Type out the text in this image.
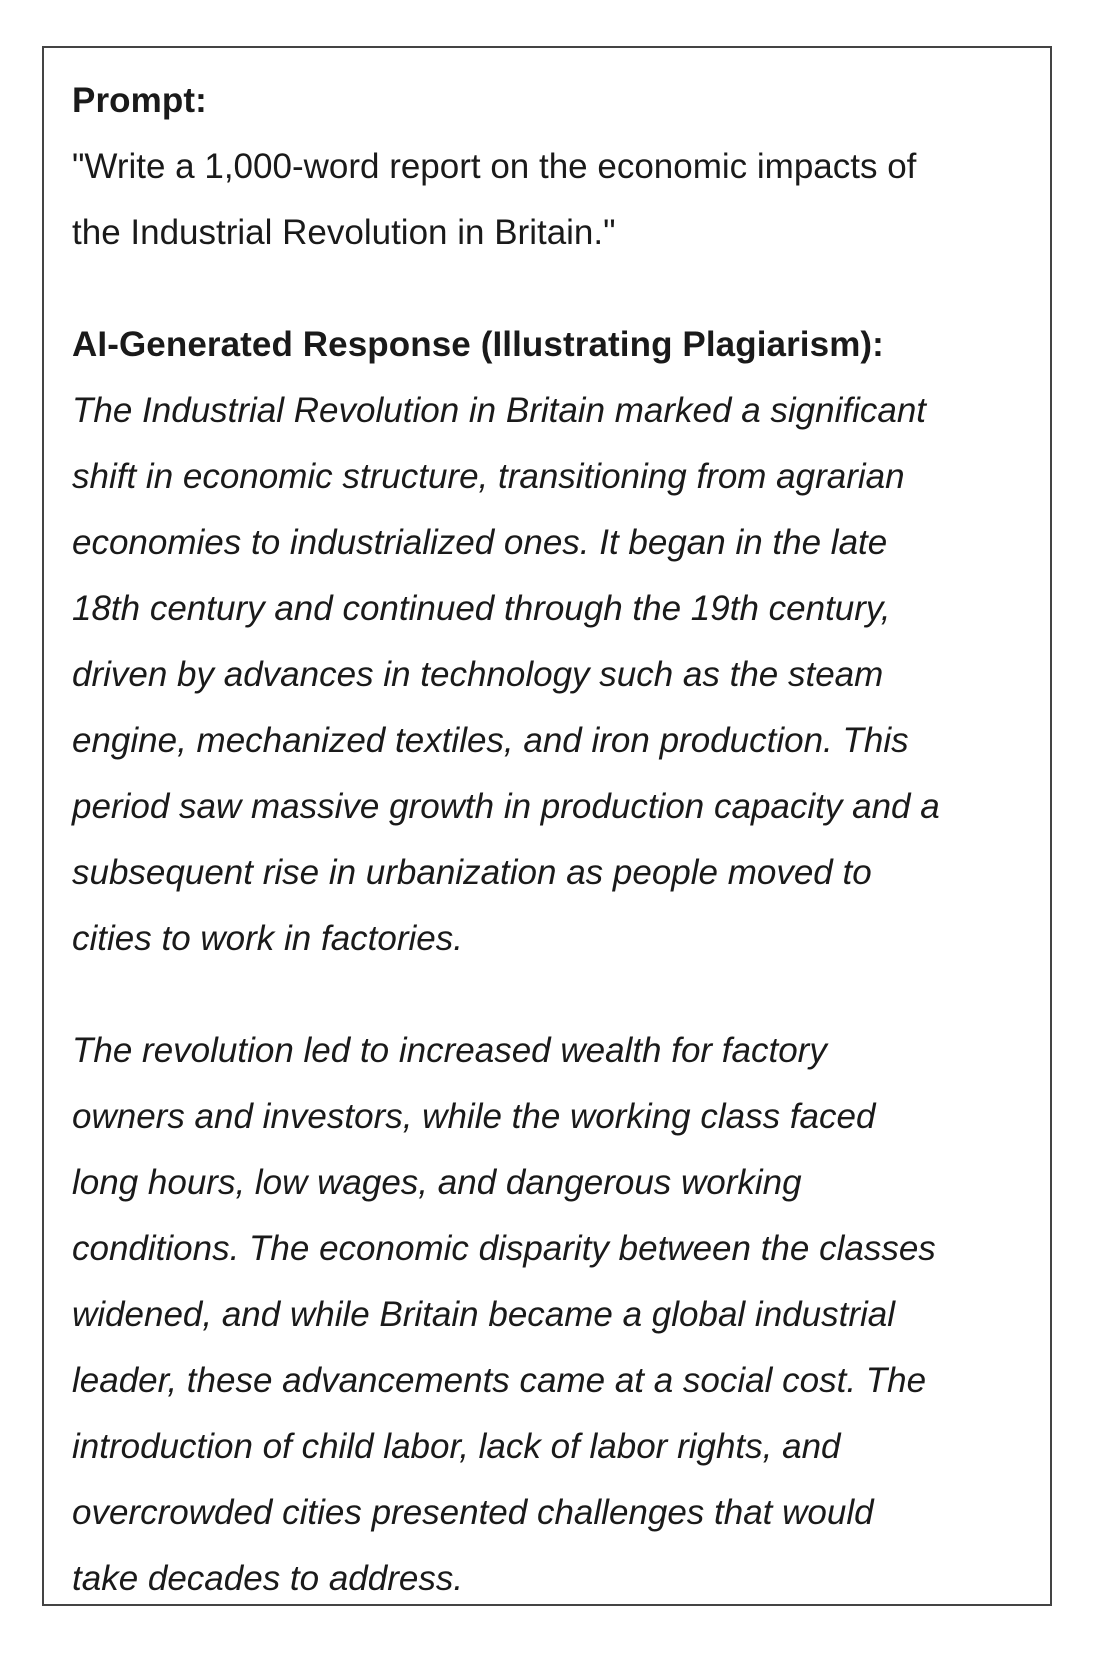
Prompt:

"Write a 1,000-word report on the economic impacts of
the Industrial Revolution in Britain."

AI-Generated Response (Illustrating Plagiarism):

The Industrial Revolution in Britain marked a significant
shift in economic structure, transitioning from agrarian
economies to industrialized ones. It began in the late
18th century and continued through the 19th century,
driven by advances in technology such as the steam
engine, mechanized textiles, and iron production. This
period saw massive growth in production capacity and a
subsequent rise in urbanization as people moved to
cities to work in factories.

The revolution led to increased wealth for factory
owners and investors, while the working class faced
long hours, low wages, and dangerous working
conditions. The economic disparity between the classes
widened, and while Britain became a global industrial
leader, these advancements came at a social cost. The
introduction of child labor, lack of labor rights, and
overcrowded cities presented challenges that would
take decades to address.
